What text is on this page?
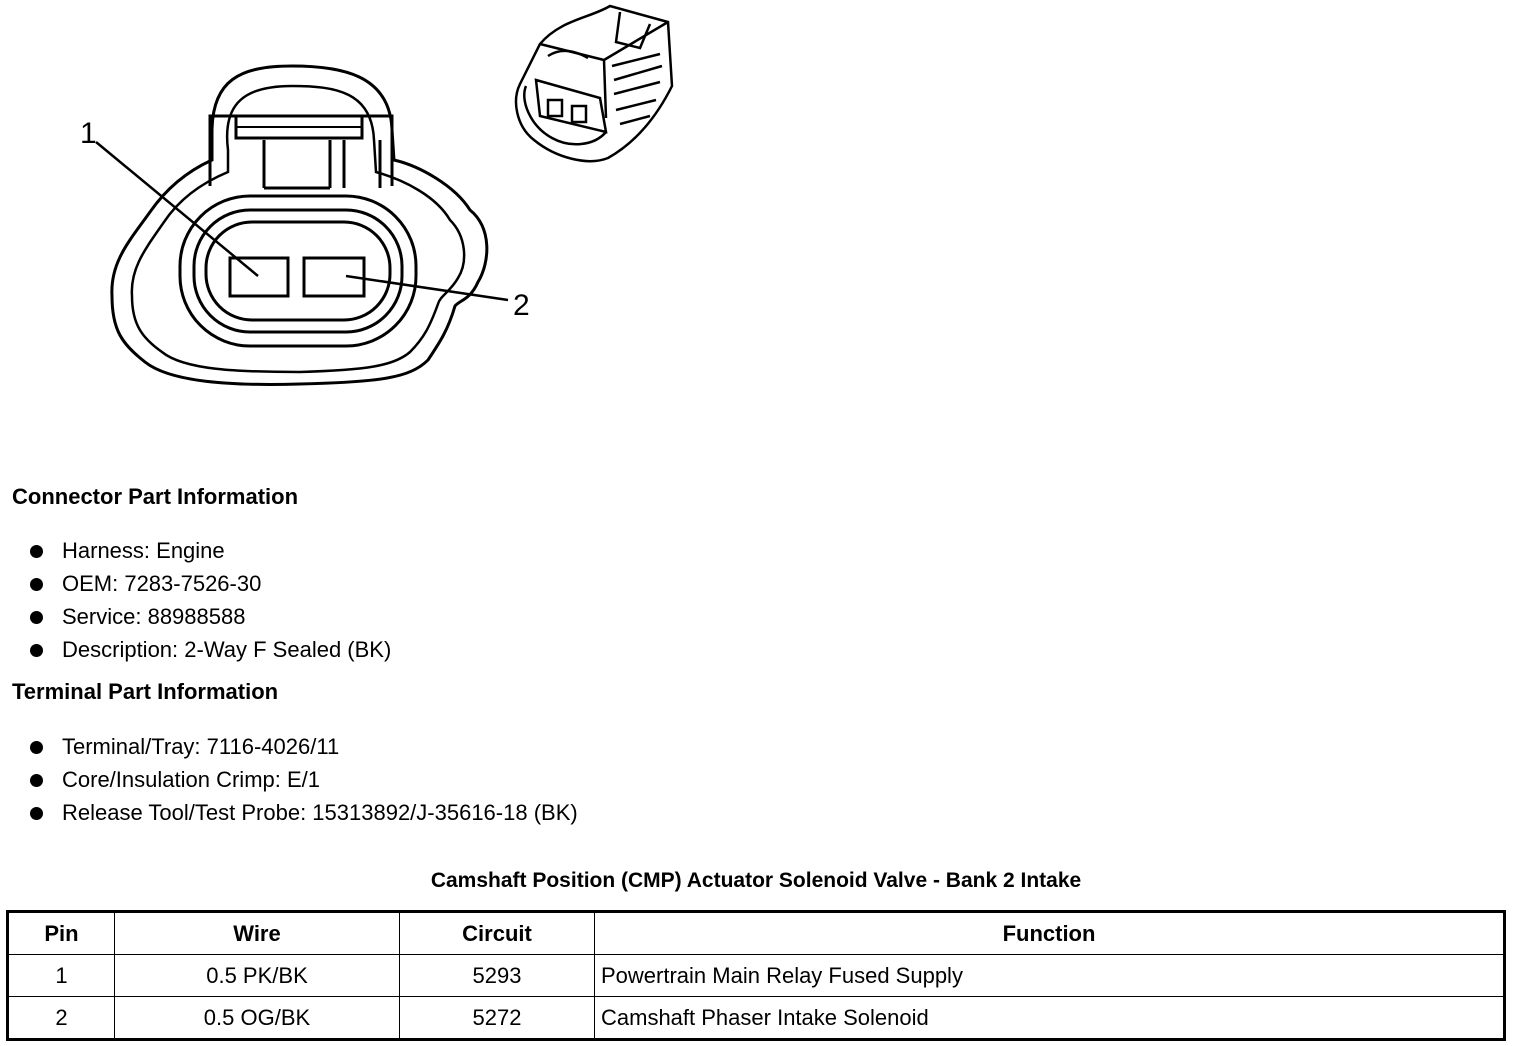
1
2
Connector Part Information
Harness: Engine
OEM: 7283-7526-30
Service: 88988588
Description: 2-Way F Sealed (BK)
Terminal Part Information
Terminal/Tray: 7116-4026/11
Core/Insulation Crimp: E/1
Release Tool/Test Probe: 15313892/J-35616-18 (BK)
Camshaft Position (CMP) Actuator Solenoid Valve - Bank 2 Intake
Pin	Wire	Circuit	Function
1	0.5 PK/BK	5293	Powertrain Main Relay Fused Supply
2	0.5 OG/BK	5272	Camshaft Phaser Intake Solenoid
